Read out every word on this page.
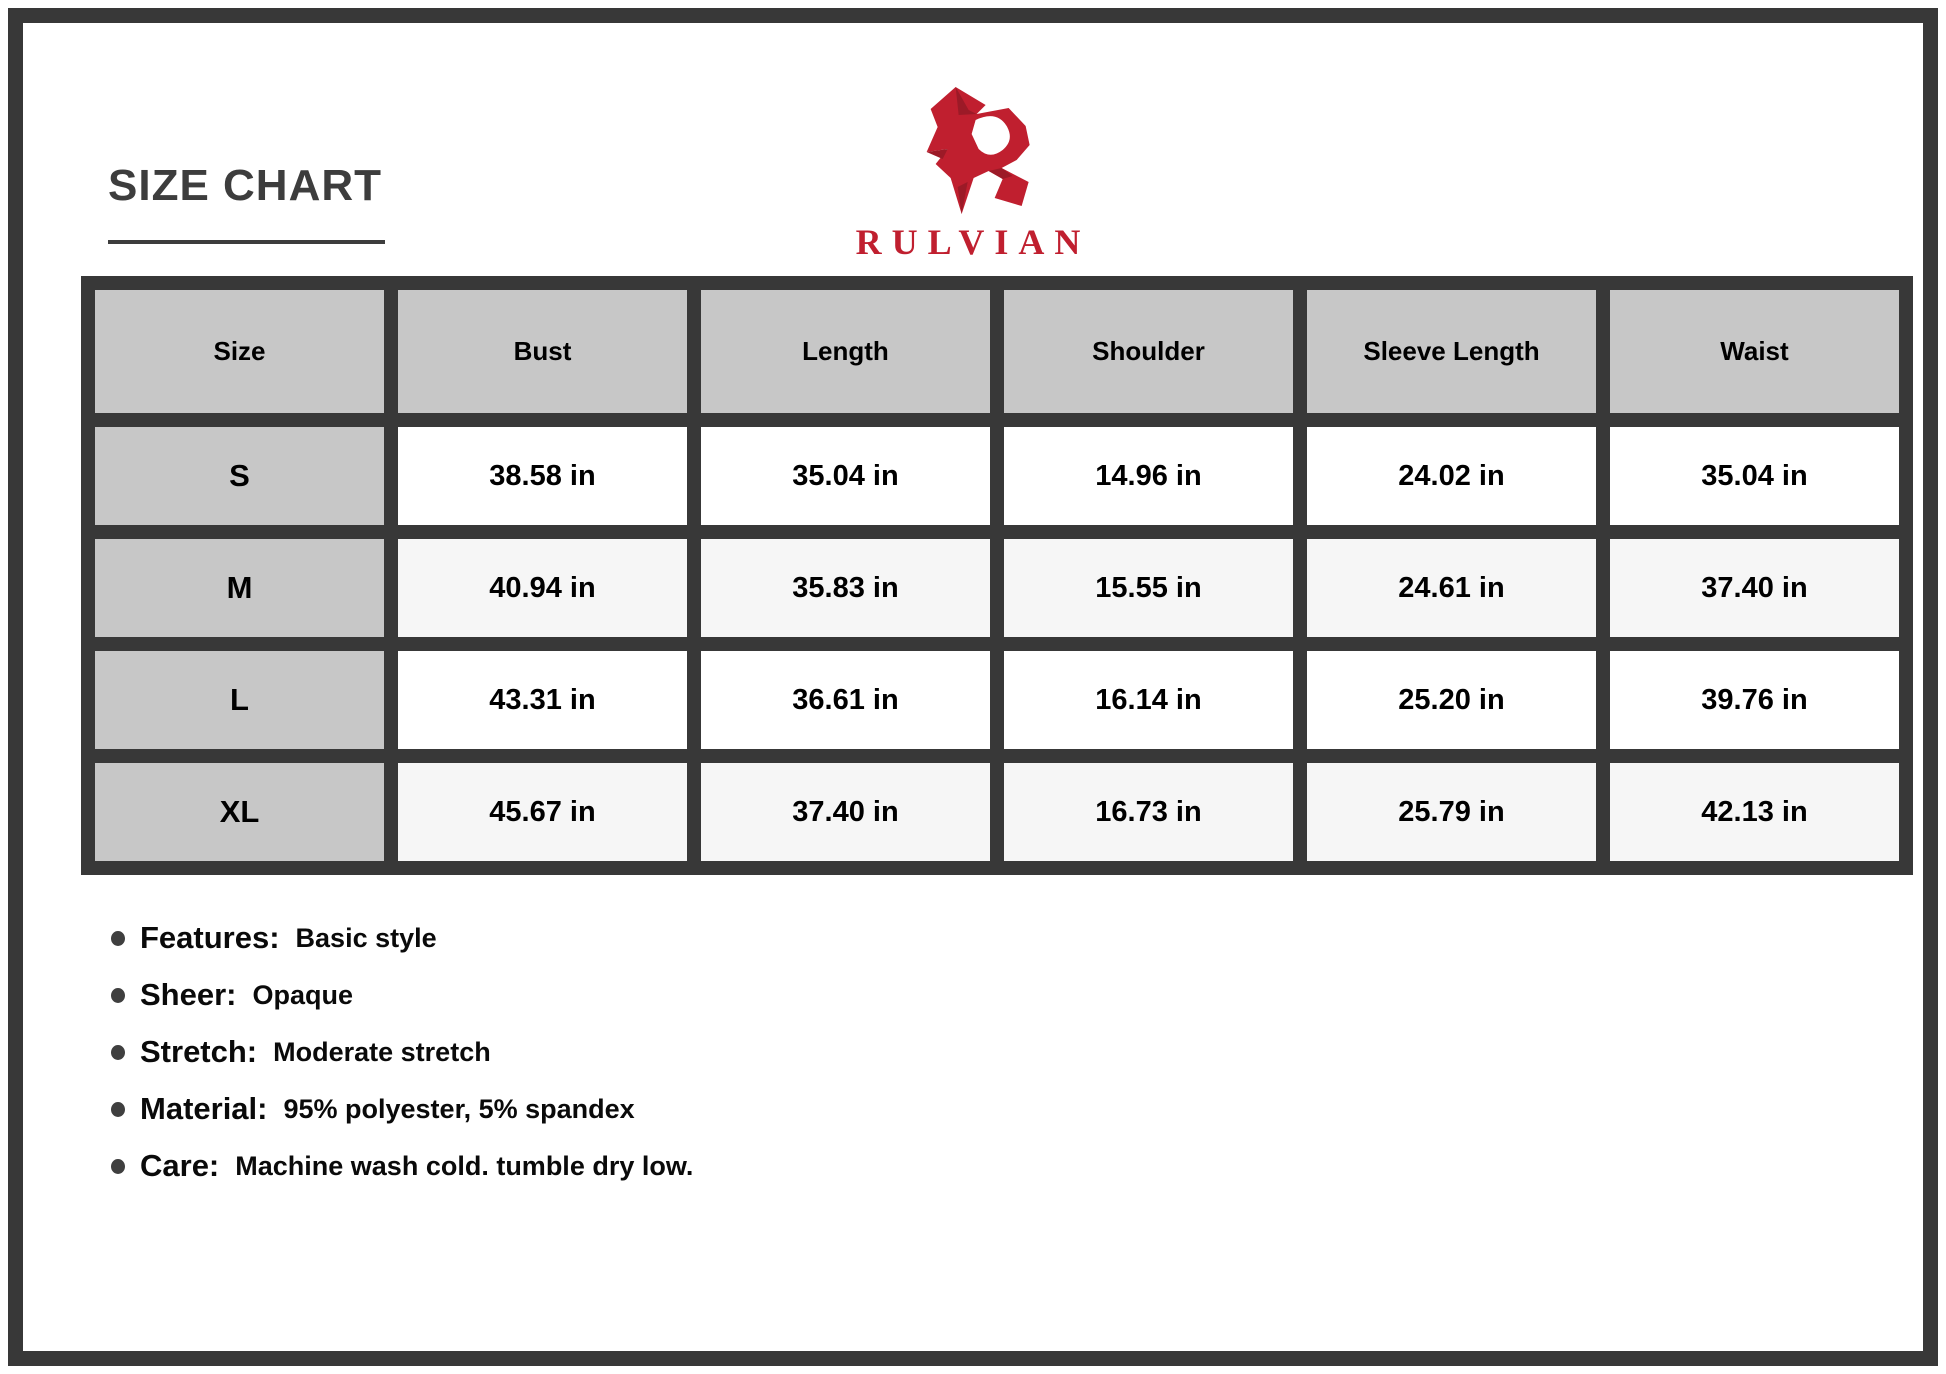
SIZE CHART
RULVIAN
Size	Bust	Length	Shoulder	Sleeve Length	Waist
S	38.58 in	35.04 in	14.96 in	24.02 in	35.04 in
M	40.94 in	35.83 in	15.55 in	24.61 in	37.40 in
L	43.31 in	36.61 in	16.14 in	25.20 in	39.76 in
XL	45.67 in	37.40 in	16.73 in	25.79 in	42.13 in
Features: Basic style
Sheer: Opaque
Stretch: Moderate stretch
Material: 95% polyester, 5% spandex
Care: Machine wash cold. tumble dry low.
